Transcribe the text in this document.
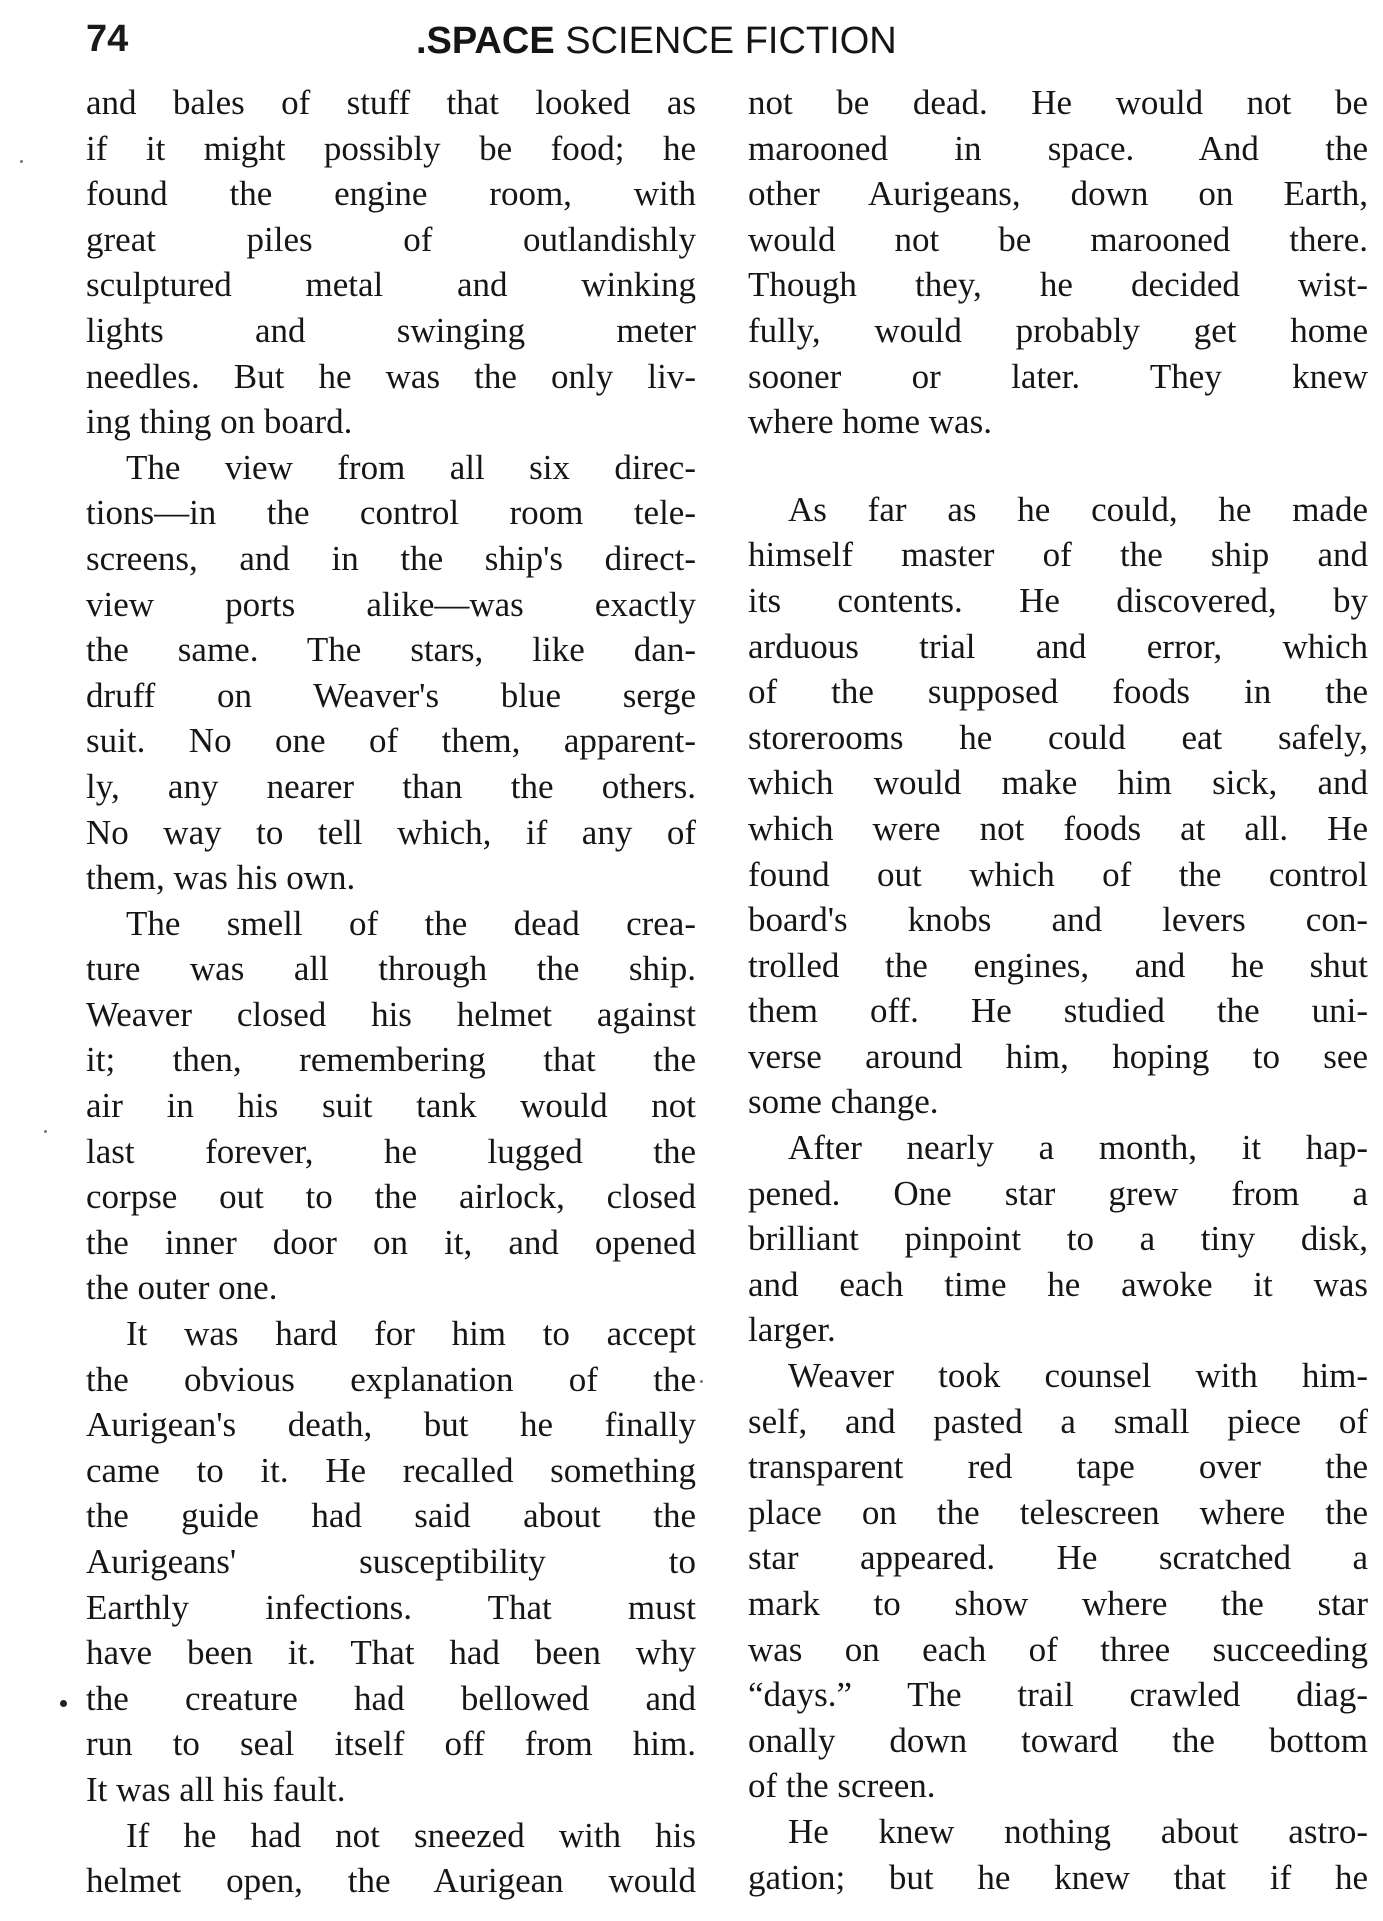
74	.SPACE SCIENCE FICTION
and bales of stuff that looked as
if it might possibly be food; he
found the engine room, with
great piles of outlandishly
sculptured metal and winking
lights and swinging meter
needles. But he was the only liv-
ing thing on board.
The view from all six direc-
tions—in the control room tele-
screens, and in the ship's direct-
view ports alike—was exactly
the same. The stars, like dan-
druff on Weaver's blue serge
suit. No one of them, apparent-
ly, any nearer than the others.
No way to tell which, if any of
them, was his own.
The smell of the dead crea-
ture was all through the ship.
Weaver closed his helmet against
it; then, remembering that the
air in his suit tank would not
last forever, he lugged the
corpse out to the airlock, closed
the inner door on it, and opened
the outer one.
It was hard for him to accept
the obvious explanation of the
Aurigean's death, but he finally
came to it. He recalled something
the guide had said about the
Aurigeans' susceptibility to
Earthly infections. That must
have been it. That had been why
the creature had bellowed and
run to seal itself off from him.
It was all his fault.
If he had not sneezed with his
helmet open, the Aurigean would
not be dead. He would not be
marooned in space. And the
other Aurigeans, down on Earth,
would not be marooned there.
Though they, he decided wist-
fully, would probably get home
sooner or later. They knew
where home was.
As far as he could, he made
himself master of the ship and
its contents. He discovered, by
arduous trial and error, which
of the supposed foods in the
storerooms he could eat safely,
which would make him sick, and
which were not foods at all. He
found out which of the control
board's knobs and levers con-
trolled the engines, and he shut
them off. He studied the uni-
verse around him, hoping to see
some change.
After nearly a month, it hap-
pened. One star grew from a
brilliant pinpoint to a tiny disk,
and each time he awoke it was
larger.
Weaver took counsel with him-
self, and pasted a small piece of
transparent red tape over the
place on the telescreen where the
star appeared. He scratched a
mark to show where the star
was on each of three succeeding
“days.” The trail crawled diag-
onally down toward the bottom
of the screen.
He knew nothing about astro-
gation; but he knew that if he
